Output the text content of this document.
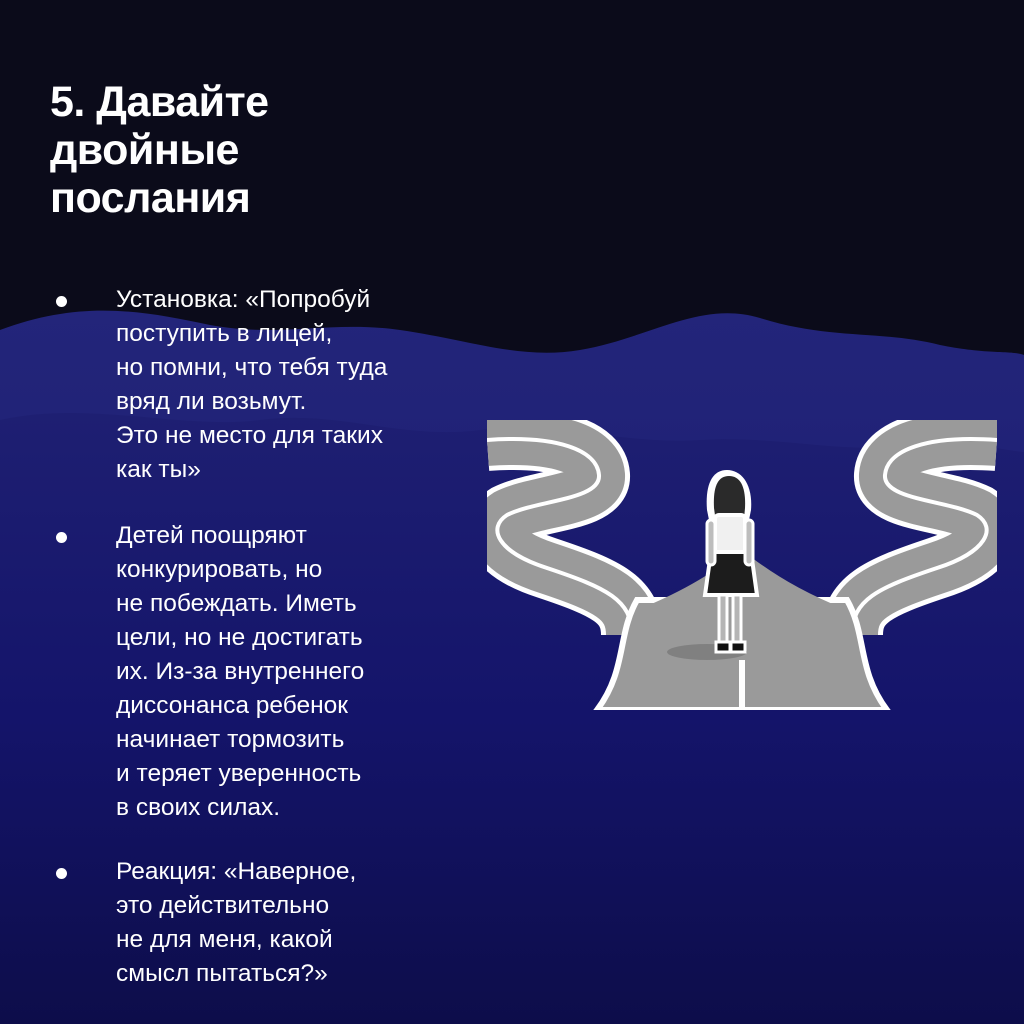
5. Давайте
двойные
послания
Установка: «Попробуй
поступить в лицей,
но помни, что тебя туда
вряд ли возьмут.
Это не место для таких
как ты»
Детей поощряют
конкурировать, но
не побеждать. Иметь
цели, но не достигать
их. Из-за внутреннего
диссонанса ребенок
начинает тормозить
и теряет уверенность
в своих силах.
Реакция: «Наверное,
это действительно
не для меня, какой
смысл пытаться?»
